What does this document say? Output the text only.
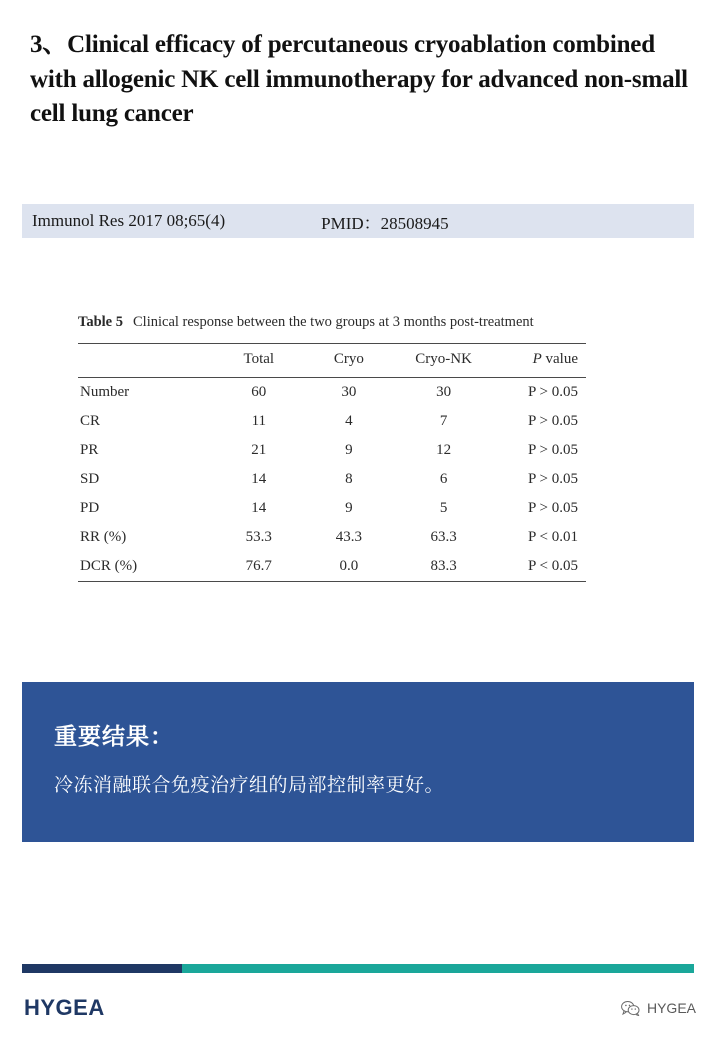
3、Clinical efficacy of percutaneous cryoablation combined with allogenic NK cell immunotherapy for advanced non-small cell lung cancer
Immunol Res 2017 08;65(4)	PMID：28508945
Table 5 Clinical response between the two groups at 3 months post-treatment
	Total	Cryo	Cryo-NK	P value
Number	60	30	30	P > 0.05
CR	11	4	7	P > 0.05
PR	21	9	12	P > 0.05
SD	14	8	6	P > 0.05
PD	14	9	5	P > 0.05
RR (%)	53.3	43.3	63.3	P < 0.01
DCR (%)	76.7	0.0	83.3	P < 0.05

重要结果：
冷冻消融联合免疫治疗组的局部控制率更好。
HYGEA	HYGEA
